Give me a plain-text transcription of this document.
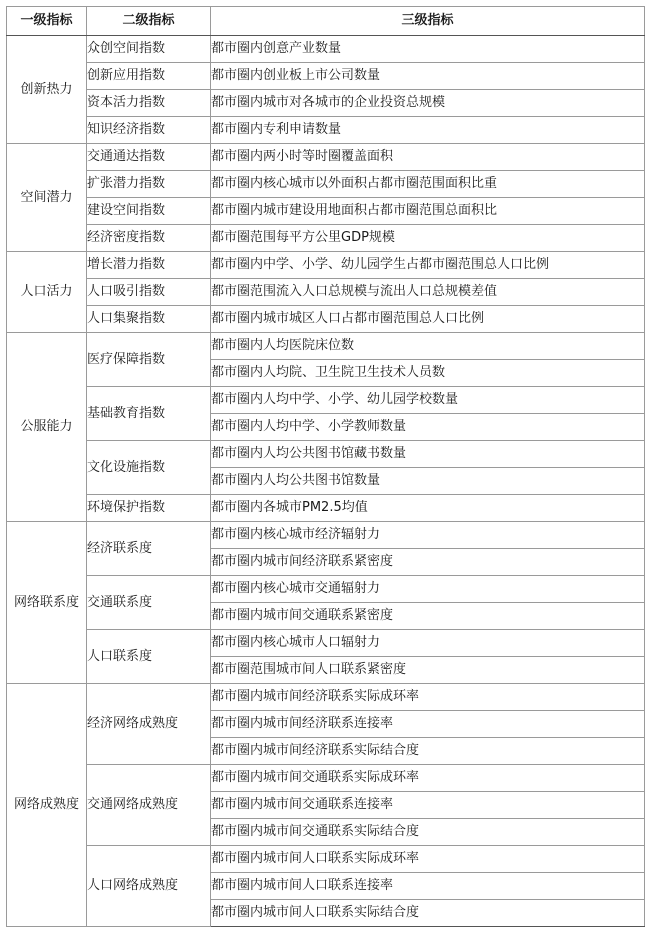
一级指标	二级指标	三级指标
创新热力	众创空间指数	都市圈内创意产业数量
	创新应用指数	都市圈内创业板上市公司数量
	资本活力指数	都市圈内城市对各城市的企业投资总规模
	知识经济指数	都市圈内专利申请数量
空间潜力	交通通达指数	都市圈内两小时等时圈覆盖面积
	扩张潜力指数	都市圈内核心城市以外面积占都市圈范围面积比重
	建设空间指数	都市圈内城市建设用地面积占都市圈范围总面积比
	经济密度指数	都市圈范围每平方公里GDP规模
人口活力	增长潜力指数	都市圈内中学、小学、幼儿园学生占都市圈范围总人口比例
	人口吸引指数	都市圈范围流入人口总规模与流出人口总规模差值
	人口集聚指数	都市圈内城市城区人口占都市圈范围总人口比例
公服能力	医疗保障指数	都市圈内人均医院床位数
		都市圈内人均院、卫生院卫生技术人员数
	基础教育指数	都市圈内人均中学、小学、幼儿园学校数量
		都市圈内人均中学、小学教师数量
	文化设施指数	都市圈内人均公共图书馆藏书数量
		都市圈内人均公共图书馆数量
	环境保护指数	都市圈内各城市PM2.5均值
网络联系度	经济联系度	都市圈内核心城市经济辐射力
		都市圈内城市间经济联系紧密度
	交通联系度	都市圈内核心城市交通辐射力
		都市圈内城市间交通联系紧密度
	人口联系度	都市圈内核心城市人口辐射力
		都市圈范围城市间人口联系紧密度
网络成熟度	经济网络成熟度	都市圈内城市间经济联系实际成环率
		都市圈内城市间经济联系连接率
		都市圈内城市间经济联系实际结合度
	交通网络成熟度	都市圈内城市间交通联系实际成环率
		都市圈内城市间交通联系连接率
		都市圈内城市间交通联系实际结合度
	人口网络成熟度	都市圈内城市间人口联系实际成环率
		都市圈内城市间人口联系连接率
		都市圈内城市间人口联系实际结合度
